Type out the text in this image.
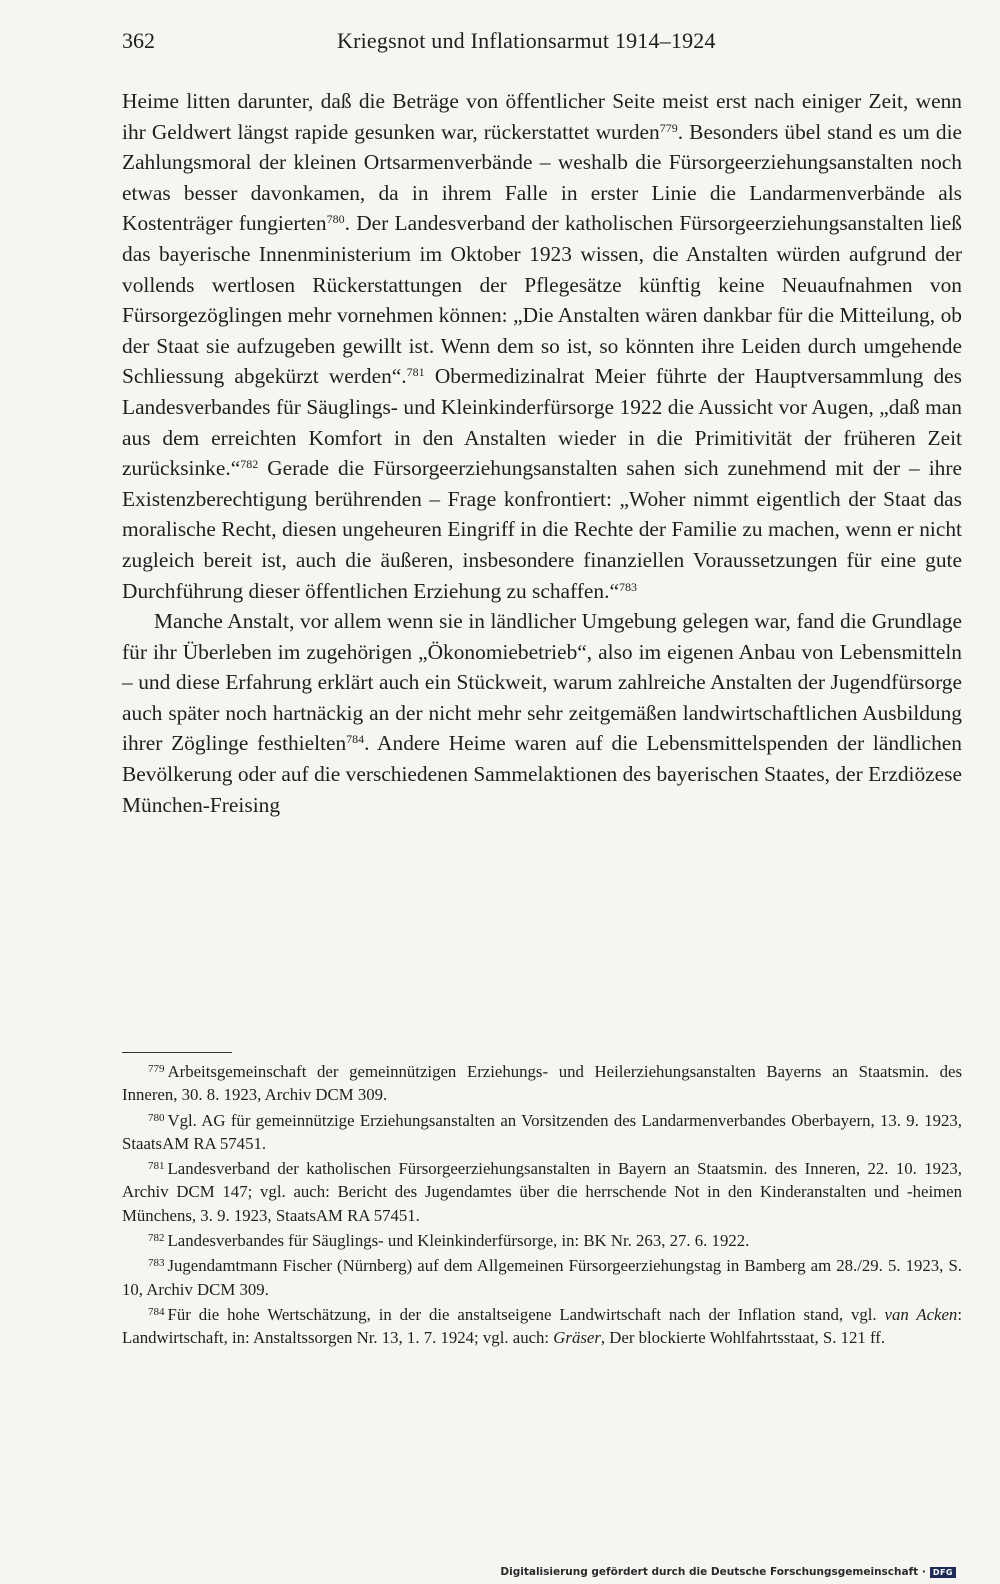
362	Kriegsnot und Inflationsarmut 1914–1924

Heime litten darunter, daß die Beträge von öffentlicher Seite meist erst nach einiger Zeit, wenn ihr Geldwert längst rapide gesunken war, rückerstattet wurden$^{779}$. Besonders übel stand es um die Zahlungsmoral der kleinen Ortsarmenverbände – weshalb die Fürsorgeerziehungsanstalten noch etwas besser davonkamen, da in ihrem Falle in erster Linie die Landarmenverbände als Kostenträger fungierten$^{780}$. Der Landesverband der katholischen Fürsorgeerziehungsanstalten ließ das bayerische Innenministerium im Oktober 1923 wissen, die Anstalten würden aufgrund der vollends wertlosen Rückerstattungen der Pflegesätze künftig keine Neuaufnahmen von Fürsorgezöglingen mehr vornehmen können: „Die Anstalten wären dankbar für die Mitteilung, ob der Staat sie aufzugeben gewillt ist. Wenn dem so ist, so könnten ihre Leiden durch umgehende Schliessung abgekürzt werden“.$^{781}$ Obermedizinalrat Meier führte der Hauptversammlung des Landesverbandes für Säuglings- und Kleinkinderfürsorge 1922 die Aussicht vor Augen, „daß man aus dem erreichten Komfort in den Anstalten wieder in die Primitivität der früheren Zeit zurücksinke.“$^{782}$ Gerade die Fürsorgeerziehungsanstalten sahen sich zunehmend mit der – ihre Existenzberechtigung berührenden – Frage konfrontiert: „Woher nimmt eigentlich der Staat das moralische Recht, diesen ungeheuren Eingriff in die Rechte der Familie zu machen, wenn er nicht zugleich bereit ist, auch die äußeren, insbesondere finanziellen Voraussetzungen für eine gute Durchführung dieser öffentlichen Erziehung zu schaffen.“$^{783}$

Manche Anstalt, vor allem wenn sie in ländlicher Umgebung gelegen war, fand die Grundlage für ihr Überleben im zugehörigen „Ökonomiebetrieb“, also im eigenen Anbau von Lebensmitteln – und diese Erfahrung erklärt auch ein Stückweit, warum zahlreiche Anstalten der Jugendfürsorge auch später noch hartnäckig an der nicht mehr sehr zeitgemäßen landwirtschaftlichen Ausbildung ihrer Zöglinge festhielten$^{784}$. Andere Heime waren auf die Lebensmittelspenden der ländlichen Bevölkerung oder auf die verschiedenen Sammelaktionen des bayerischen Staates, der Erzdiözese München-Freising

$^{779}$ Arbeitsgemeinschaft der gemeinnützigen Erziehungs- und Heilerziehungsanstalten Bayerns an Staatsmin. des Inneren, 30. 8. 1923, Archiv DCM 309.

$^{780}$ Vgl. AG für gemeinnützige Erziehungsanstalten an Vorsitzenden des Landarmenverbandes Oberbayern, 13. 9. 1923, StaatsAM RA 57451.

$^{781}$ Landesverband der katholischen Fürsorgeerziehungsanstalten in Bayern an Staatsmin. des Inneren, 22. 10. 1923, Archiv DCM 147; vgl. auch: Bericht des Jugendamtes über die herrschende Not in den Kinderanstalten und -heimen Münchens, 3. 9. 1923, StaatsAM RA 57451.

$^{782}$ Landesverbandes für Säuglings- und Kleinkinderfürsorge, in: BK Nr. 263, 27. 6. 1922.

$^{783}$ Jugendamtmann Fischer (Nürnberg) auf dem Allgemeinen Fürsorgeerziehungstag in Bamberg am 28./29. 5. 1923, S. 10, Archiv DCM 309.

$^{784}$ Für die hohe Wertschätzung, in der die anstaltseigene Landwirtschaft nach der Inflation stand, vgl. van Acken: Landwirtschaft, in: Anstaltssorgen Nr. 13, 1. 7. 1924; vgl. auch: Gräser, Der blockierte Wohlfahrtsstaat, S. 121 ff.

Digitalisierung gefördert durch die Deutsche Forschungsgemeinschaft · DFG
